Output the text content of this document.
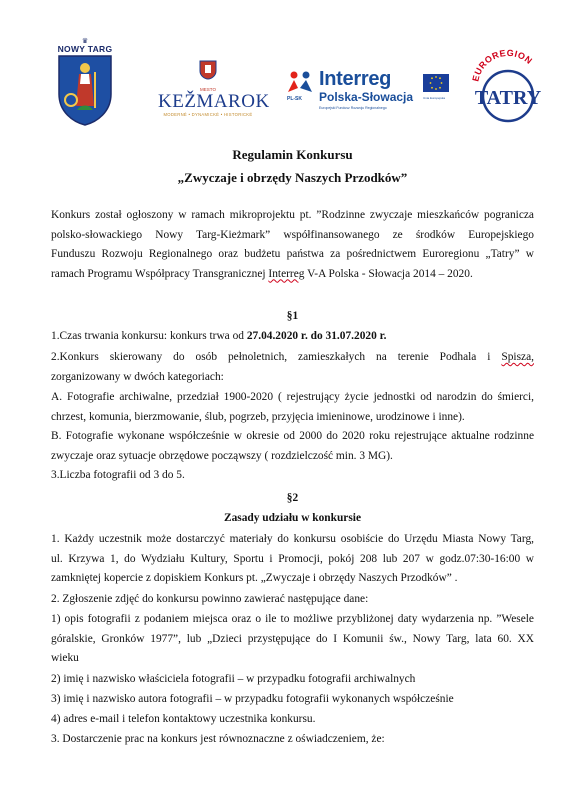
♛
NOWY TARG
MESTO
KEŽMAROK
MODERNÉ • DYNAMICKÉ • HISTORICKÉ
PL-SK
Interreg
Polska-Słowacja
Europejski Fundusz Rozwoju Regionalnego
Unia Europejska
EUROREGION
TATRY
Regulamin Konkursu
„Zwyczaje i obrzędy Naszych Przodków”
Konkurs został ogłoszony w ramach mikroprojektu pt. ”Rodzinne zwyczaje mieszkańców pogranicza
polsko-słowackiego Nowy Targ-Kieżmark” współfinansowanego ze środków Europejskiego
Funduszu Rozwoju Regionalnego oraz budżetu państwa za pośrednictwem Euroregionu „Tatry” w
ramach Programu Współpracy Transgranicznej Interreg V-A Polska - Słowacja 2014 – 2020.
§1
1.Czas trwania konkursu: konkurs trwa od 27.04.2020 r. do 31.07.2020 r.
2.Konkurs skierowany do osób pełnoletnich, zamieszkałych na terenie Podhala i Spisza,
zorganizowany w dwóch kategoriach:
A. Fotografie archiwalne, przedział 1900-2020 ( rejestrujący życie jednostki od narodzin do śmierci,
chrzest, komunia, bierzmowanie, ślub, pogrzeb, przyjęcia imieninowe, urodzinowe i inne).
B. Fotografie wykonane współcześnie w okresie od 2000 do 2020 roku rejestrujące aktualne rodzinne
zwyczaje oraz sytuacje obrzędowe począwszy ( rozdzielczość min. 3 MG).
3.Liczba fotografii od 3 do 5.
§2
Zasady udziału w konkursie
1. Każdy uczestnik może dostarczyć materiały do konkursu osobiście do Urzędu Miasta Nowy Targ,
ul. Krzywa 1, do Wydziału Kultury, Sportu i Promocji, pokój 208 lub 207 w godz.07:30-16:00 w
zamkniętej kopercie z dopiskiem Konkurs pt. „Zwyczaje i obrzędy Naszych Przodków” .
2. Zgłoszenie zdjęć do konkursu powinno zawierać następujące dane:
1) opis fotografii z podaniem miejsca oraz o ile to możliwe przybliżonej daty wydarzenia np. ”Wesele
góralskie, Gronków 1977”, lub „Dzieci przystępujące do I Komunii św., Nowy Targ, lata 60. XX
wieku
2) imię i nazwisko właściciela fotografii – w przypadku fotografii archiwalnych
3) imię i nazwisko autora fotografii – w przypadku fotografii wykonanych współcześnie
4) adres e-mail i telefon kontaktowy uczestnika konkursu.
3. Dostarczenie prac na konkurs jest równoznaczne z oświadczeniem, że:
